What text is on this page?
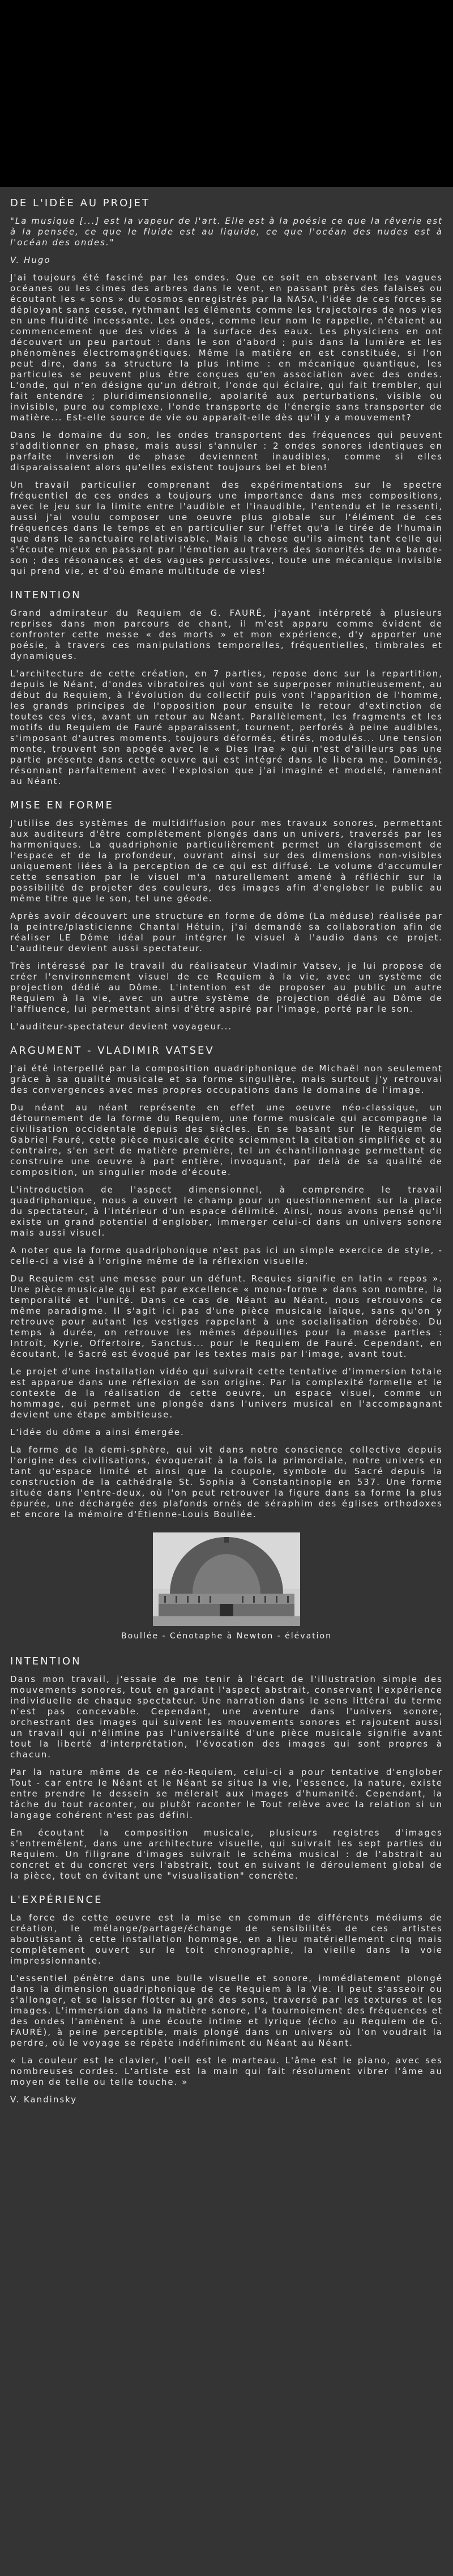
DE L'IDÉE AU PROJET

"La musique [...] est la vapeur de l'art. Elle est à la poésie ce que la rêverie est à la pensée, ce que le fluide est au liquide, ce que l'océan des nudes est à l'océan des ondes."

V. Hugo

J'ai toujours été fasciné par les ondes. Que ce soit en observant les vagues océanes ou les cimes des arbres dans le vent, en passant près des falaises ou écoutant les « sons » du cosmos enregistrés par la NASA, l'idée de ces forces se déployant sans cesse, rythmant les éléments comme les trajectoires de nos vies en une fluidité incessante. Les ondes, comme leur nom le rappelle, n'étaient au commencement que des vides à la surface des eaux. Les physiciens en ont découvert un peu partout : dans le son d'abord ; puis dans la lumière et les phénomènes électromagnétiques. Même la matière en est constituée, si l'on peut dire, dans sa structure la plus intime : en mécanique quantique, les particules se peuvent plus être conçues qu'en association avec des ondes. L'onde, qui n'en désigne qu'un détroit, l'onde qui éclaire, qui fait trembler, qui fait entendre ; pluridimensionnelle, apolarité aux perturbations, visible ou invisible, pure ou complexe, l'onde transporte de l'énergie sans transporter de matière... Est-elle source de vie ou apparaît-elle dès qu'il y a mouvement?

Dans le domaine du son, les ondes transportent des fréquences qui peuvent s'additionner en phase, mais aussi s'annuler : 2 ondes sonores identiques en parfaite inversion de phase deviennent inaudibles, comme si elles disparaissaient alors qu'elles existent toujours bel et bien!

Un travail particulier comprenant des expérimentations sur le spectre fréquentiel de ces ondes a toujours une importance dans mes compositions, avec le jeu sur la limite entre l'audible et l'inaudible, l'entendu et le ressenti, aussi j'ai voulu composer une oeuvre plus globale sur l'élément de ces fréquences dans le temps et en particulier sur l'effet qu'a le tirée de l'humain que dans le sanctuaire relativisable. Mais la chose qu'ils aiment tant celle qui s'écoute mieux en passant par l'émotion au travers des sonorités de ma bande-son ; des résonances et des vagues percussives, toute une mécanique invisible qui prend vie, et d'où émane multitude de vies!

INTENTION

Grand admirateur du Requiem de G. FAURÉ, j'ayant intérpreté à plusieurs reprises dans mon parcours de chant, il m'est apparu comme évident de confronter cette messe « des morts » et mon expérience, d'y apporter une poésie, à travers ces manipulations temporelles, fréquentielles, timbrales et dynamiques.

L'architecture de cette création, en 7 parties, repose donc sur la repartition, depuis le Néant, d'ondes vibratoires qui vont se superposer minutieusement, au début du Requiem, à l'évolution du collectif puis vont l'apparition de l'homme, les grands principes de l'opposition pour ensuite le retour d'extinction de toutes ces vies, avant un retour au Néant. Parallèlement, les fragments et les motifs du Requiem de Fauré apparaissent, tournent, perforés à peine audibles, s'imposant d'autres moments, toujours déformés, étirés, modulés... Une tension monte, trouvent son apogée avec le « Dies Irae » qui n'est d'ailleurs pas une partie présente dans cette oeuvre qui est intégré dans le libera me. Dominés, résonnant parfaitement avec l'explosion que j'ai imaginé et modelé, ramenant au Néant.

MISE EN FORME

J'utilise des systèmes de multidiffusion pour mes travaux sonores, permettant aux auditeurs d'être complètement plongés dans un univers, traversés par les harmoniques. La quadriphonie particulièrement permet un élargissement de l'espace et de la profondeur, ouvrant ainsi sur des dimensions non-visibles uniquement liées à la perception de ce qui est diffusé. Le volume d'accumuler cette sensation par le visuel m'a naturellement amené à réfléchir sur la possibilité de projeter des couleurs, des images afin d'englober le public au même titre que le son, tel une géode.

Après avoir découvert une structure en forme de dôme (La méduse) réalisée par la peintre/plasticienne Chantal Hétuin, j'ai demandé sa collaboration afin de réaliser LE Dôme idéal pour intégrer le visuel à l'audio dans ce projet. L'auditeur devient aussi spectateur.

Très intéressé par le travail du réalisateur Vladimir Vatsev, je lui propose de créer l'environnement visuel de ce Requiem à la vie, avec un système de projection dédié au Dôme. L'intention est de proposer au public un autre Requiem à la vie, avec un autre système de projection dédié au Dôme de l'affluence, lui permettant ainsi d'être aspiré par l'image, porté par le son.

L'auditeur-spectateur devient voyageur...

ARGUMENT - VLADIMIR VATSEV

J'ai été interpellé par la composition quadriphonique de Michaël non seulement grâce à sa qualité musicale et sa forme singulière, mais surtout j'y retrouvai des convergences avec mes propres occupations dans le domaine de l'image.

Du néant au néant représente en effet une oeuvre néo-classique, un détournement de la forme du Requiem, une forme musicale qui accompagne la civilisation occidentale depuis des siècles. En se basant sur le Requiem de Gabriel Fauré, cette pièce musicale écrite sciemment la citation simplifiée et au contraire, s'en sert de matière première, tel un échantillonnage permettant de construire une oeuvre à part entière, invoquant, par delà de sa qualité de composition, un singulier mode d'écoute.

L'introduction de l'aspect dimensionnel, à comprendre le travail quadriphonique, nous a ouvert le champ pour un questionnement sur la place du spectateur, à l'intérieur d'un espace délimité. Ainsi, nous avons pensé qu'il existe un grand potentiel d'englober, immerger celui-ci dans un univers sonore mais aussi visuel.

A noter que la forme quadriphonique n'est pas ici un simple exercice de style, - celle-ci a visé à l'origine même de la réflexion visuelle.

Du Requiem est une messe pour un défunt. Requies signifie en latin « repos ». Une pièce musicale qui est par excellence « mono-forme » dans son nombre, la temporalité et l'unité. Dans ce cas de Néant au Néant, nous retrouvons ce même paradigme. Il s'agit ici pas d'une pièce musicale laïque, sans qu'on y retrouve pour autant les vestiges rappelant à une socialisation dérobée. Du temps à durée, on retrouve les mêmes dépouilles pour la masse parties : Introït, Kyrie, Offertoire, Sanctus... pour le Requiem de Fauré. Cependant, en écoutant, le Sacré est évoqué par les textes mais par l'image, avant tout.

Le projet d'une installation vidéo qui suivrait cette tentative d'immersion totale est apparue dans une réflexion de son origine. Par la complexité formelle et le contexte de la réalisation de cette oeuvre, un espace visuel, comme un hommage, qui permet une plongée dans l'univers musical en l'accompagnant devient une étape ambitieuse.

L'idée du dôme a ainsi émergée.

La forme de la demi-sphère, qui vit dans notre conscience collective depuis l'origine des civilisations, évoquerait à la fois la primordiale, notre univers en tant qu'espace limité et ainsi que la coupole, symbole du Sacré depuis la construction de la cathédrale St. Sophia à Constantinople en 537. Une forme située dans l'entre-deux, où l'on peut retrouver la figure dans sa forme la plus épurée, une déchargée des plafonds ornés de séraphim des églises orthodoxes et encore la mémoire d'Étienne-Louis Boullée.

Boullée - Cénotaphe à Newton - élévation
INTENTION

Dans mon travail, j'essaie de me tenir à l'écart de l'illustration simple des mouvements sonores, tout en gardant l'aspect abstrait, conservant l'expérience individuelle de chaque spectateur. Une narration dans le sens littéral du terme n'est pas concevable. Cependant, une aventure dans l'univers sonore, orchestrant des images qui suivent les mouvements sonores et rajoutent aussi un travail qui n'élimine pas l'universalité d'une pièce musicale signifie avant tout la liberté d'interprétation, l'évocation des images qui sont propres à chacun.

Par la nature même de ce néo-Requiem, celui-ci a pour tentative d'englober Tout - car entre le Néant et le Néant se situe la vie, l'essence, la nature, existe entre prendre le dessein se mélerait aux images d'humanité. Cependant, la tâche du tout raconter, ou plutôt raconter le Tout relève avec la relation si un langage cohérent n'est pas défini.

En écoutant la composition musicale, plusieurs registres d'images s'entremêlent, dans une architecture visuelle, qui suivrait les sept parties du Requiem. Un filigrane d'images suivrait le schéma musical : de l'abstrait au concret et du concret vers l'abstrait, tout en suivant le déroulement global de la pièce, tout en évitant une "visualisation" concrète.

L'EXPÉRIENCE

La force de cette oeuvre est la mise en commun de différents médiums de création, le mélange/partage/échange de sensibilités de ces artistes aboutissant à cette installation hommage, en a lieu matériellement cinq mais complètement ouvert sur le toit chronographie, la vieille dans la voie impressionnante.

L'essentiel pénètre dans une bulle visuelle et sonore, immédiatement plongé dans la dimension quadriphonique de ce Requiem à la Vie. Il peut s'asseoir ou s'allonger, et se laisser flotter au gré des sons, traversé par les textures et les images. L'immersion dans la matière sonore, l'a tournoiement des fréquences et des ondes l'amènent à une écoute intime et lyrique (écho au Requiem de G. FAURÉ), à peine perceptible, mais plongé dans un univers où l'on voudrait la perdre, où le voyage se répète indéfiniment du Néant au Néant.

« La couleur est le clavier, l'oeil est le marteau. L'âme est le piano, avec ses nombreuses cordes. L'artiste est la main qui fait résolument vibrer l'âme au moyen de telle ou telle touche. »

V. Kandinsky
